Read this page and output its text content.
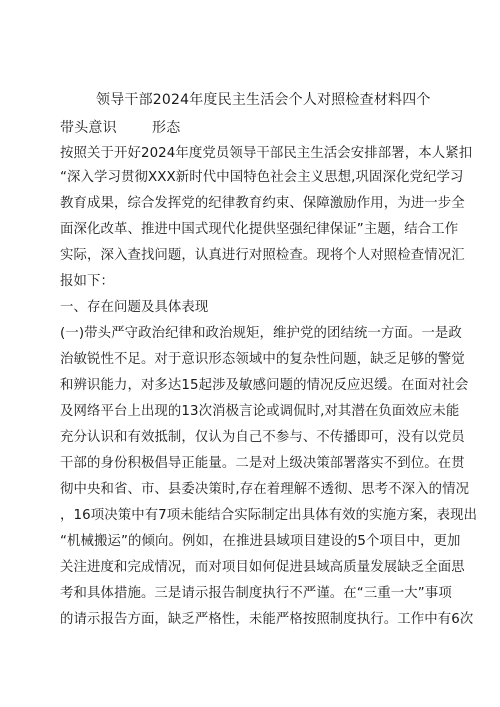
领导干部2024年度民主生活会个人对照检查材料四个带头意识	形态
按照关于开好2024年度党员领导干部民主生活会安排部署，本人紧扣
“深入学习贯彻XXX新时代中国特色社会主义思想,巩固深化党纪学习
教育成果，综合发挥党的纪律教育约束、保障激励作用，为进一步全
面深化改革、推进中国式现代化提供坚强纪律保证”主题，结合工作
实际，深入查找问题，认真进行对照检查。现将个人对照检查情况汇
报如下：
一、存在问题及具体表现
(一)带头严守政治纪律和政治规矩，维护党的团结统一方面。一是政
治敏锐性不足。对于意识形态领域中的复杂性问题，缺乏足够的警觉
和辨识能力，对多达15起涉及敏感问题的情况反应迟缓。在面对社会
及网络平台上出现的13次消极言论或调侃时,对其潜在负面效应未能
充分认识和有效抵制，仅认为自己不参与、不传播即可，没有以党员
干部的身份积极倡导正能量。二是对上级决策部署落实不到位。在贯
彻中央和省、市、县委决策时,存在着理解不透彻、思考不深入的情况
，16项决策中有7项未能结合实际制定出具体有效的实施方案，表现出
“机械搬运”的倾向。例如，在推进县域项目建设的5个项目中，更加
关注进度和完成情况，而对项目如何促进县域高质量发展缺乏全面思
考和具体措施。三是请示报告制度执行不严谨。在“三重一大”事项
的请示报告方面，缺乏严格性，未能严格按照制度执行。工作中有6次
